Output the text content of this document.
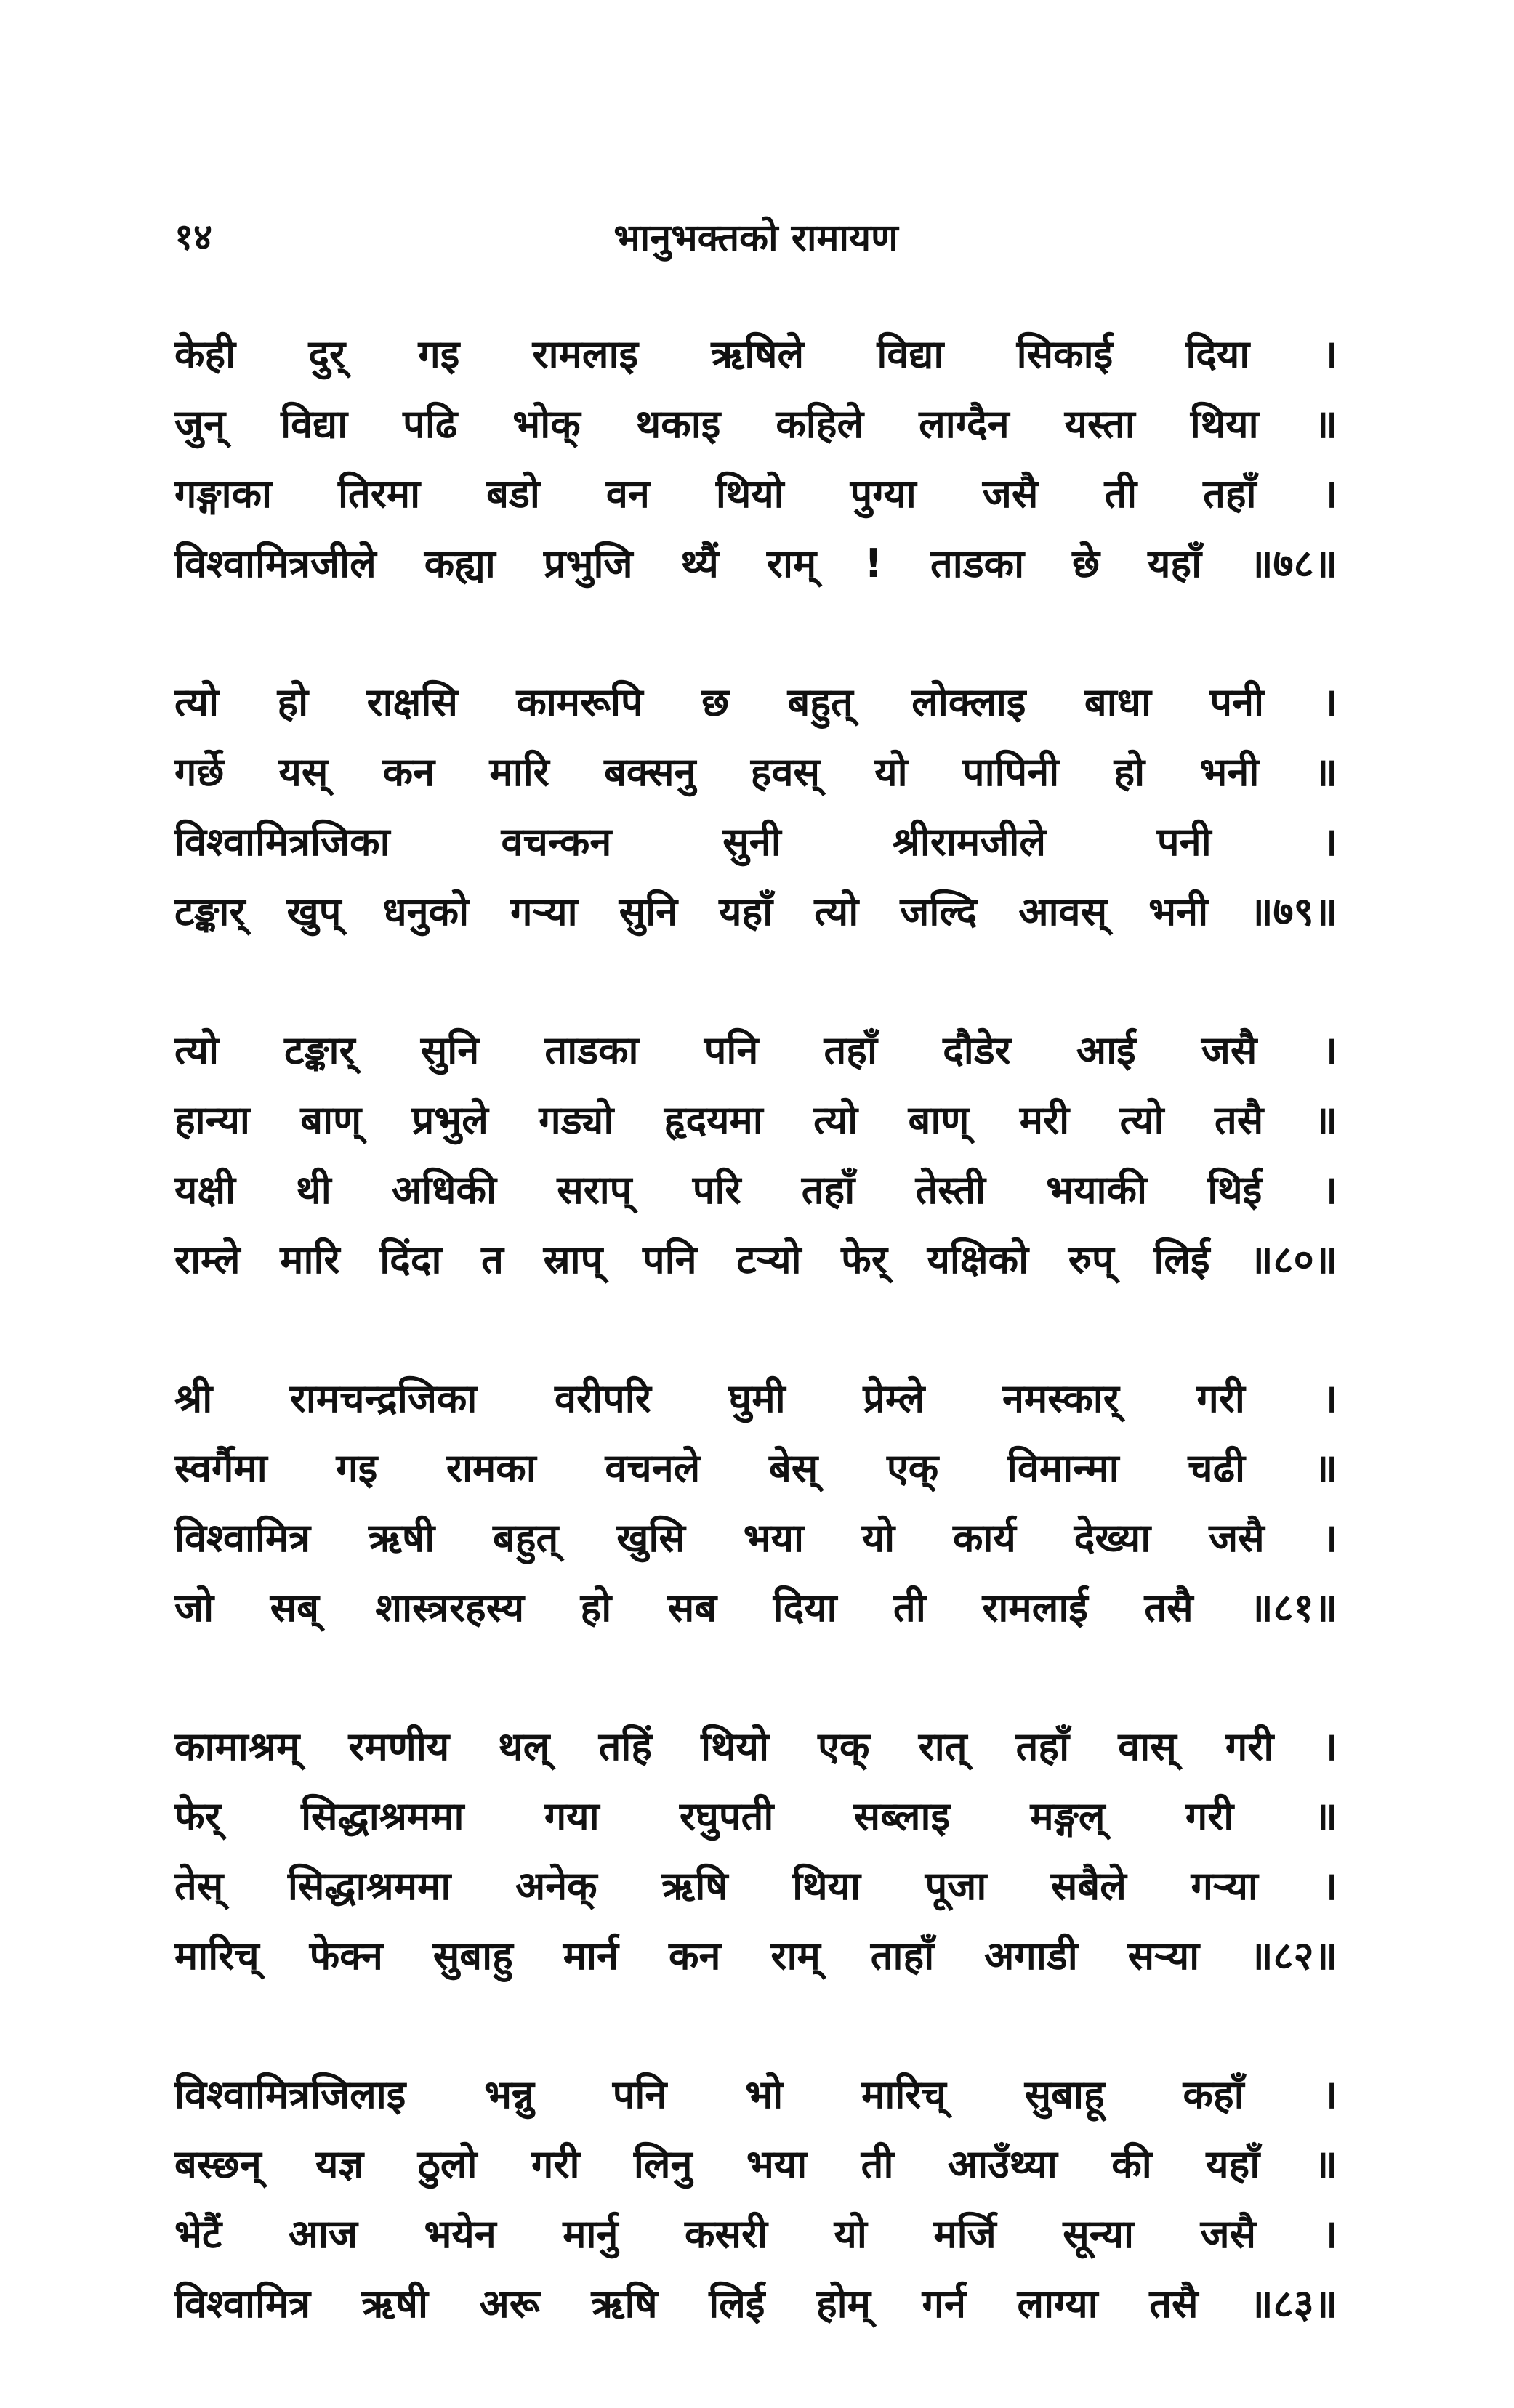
१४	भानुभक्तको रामायण
केही दुर् गइ रामलाइ ऋषिले विद्या सिकाई दिया ।
जुन् विद्या पढि भोक् थकाइ कहिले लाग्दैन यस्ता थिया ॥
गङ्गाका तिरमा बडो वन थियो पुग्या जसै ती तहाँ ।
विश्वामित्रजीले कह्या प्रभुजि थ्यैं राम् ! ताडका छे यहाँ ॥७८॥
त्यो हो राक्षसि कामरूपि छ बहुत् लोक्लाइ बाधा पनी ।
गर्छे यस् कन मारि बक्सनु हवस् यो पापिनी हो भनी ॥
विश्वामित्रजिका वचन्कन सुनी श्रीरामजीले पनी ।
टङ्कार् खुप् धनुको गऱ्या सुनि यहाँ त्यो जल्दि आवस् भनी ॥७९॥
त्यो टङ्कार् सुनि ताडका पनि तहाँ दौडेर आई जसै ।
हान्या बाण् प्रभुले गड्यो हृदयमा त्यो बाण् मरी त्यो तसै ॥
यक्षी थी अधिकी सराप् परि तहाँ तेस्ती भयाकी थिई ।
राम्ले मारि दिंदा त स्राप् पनि टऱ्यो फेर् यक्षिको रुप् लिई ॥८०॥
श्री रामचन्द्रजिका वरीपरि घुमी प्रेम्ले नमस्कार् गरी ।
स्वर्गैमा गइ रामका वचनले बेस् एक् विमान्मा चढी ॥
विश्वामित्र ऋषी बहुत् खुसि भया यो कार्य देख्या जसै ।
जो सब् शास्त्ररहस्य हो सब दिया ती रामलाई तसै ॥८१॥
कामाश्रम् रमणीय थल् तहिं थियो एक् रात् तहाँ वास् गरी ।
फेर् सिद्धाश्रममा गया रघुपती सब्लाइ मङ्गल् गरी ॥
तेस् सिद्धाश्रममा अनेक् ऋषि थिया पूजा सबैले गऱ्या ।
मारिच् फेक्न सुबाहु मार्न कन राम् ताहाँ अगाडी सऱ्या ॥८२॥
विश्वामित्रजिलाइ भन्नु पनि भो मारिच् सुबाहू कहाँ ।
बस्छन् यज्ञ ठुलो गरी लिनु भया ती आउँथ्या की यहाँ ॥
भेटैं आज भयेन मार्नु कसरी यो मर्जि सून्या जसै ।
विश्वामित्र ऋषी अरू ऋषि लिई होम् गर्न लाग्या तसै ॥८३॥
